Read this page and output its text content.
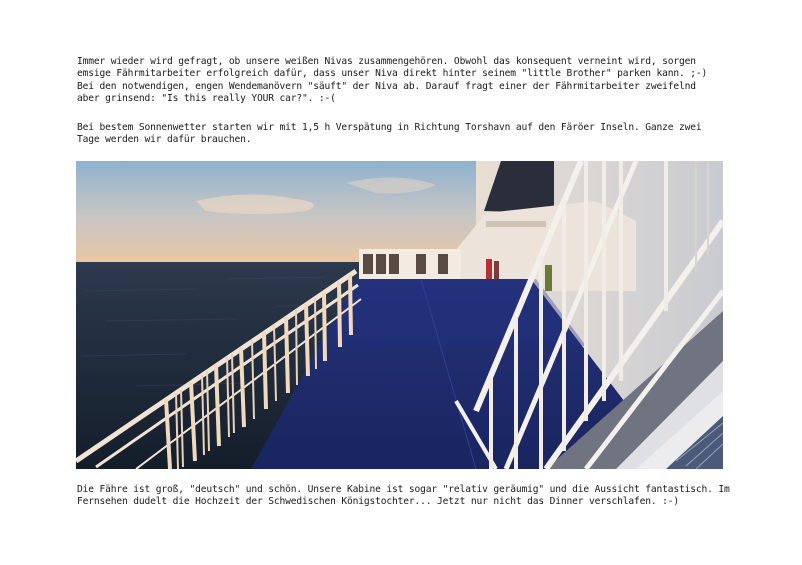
Immer wieder wird gefragt, ob unsere weißen Nivas zusammengehören. Obwohl das konsequent verneint wird, sorgen
emsige Fährmitarbeiter erfolgreich dafür, dass unser Niva direkt hinter seinem "little Brother" parken kann. ;-)
Bei den notwendigen, engen Wendemanövern "säuft" der Niva ab. Darauf fragt einer der Fährmitarbeiter zweifelnd
aber grinsend: "Is this really YOUR car?". :-(
Bei bestem Sonnenwetter starten wir mit 1,5 h Verspätung in Richtung Torshavn auf den Färöer Inseln. Ganze zwei
Tage werden wir dafür brauchen.
Die Fähre ist groß, "deutsch" und schön. Unsere Kabine ist sogar "relativ geräumig" und die Aussicht fantastisch. Im
Fernsehen dudelt die Hochzeit der Schwedischen Königstochter... Jetzt nur nicht das Dinner verschlafen. :-)
